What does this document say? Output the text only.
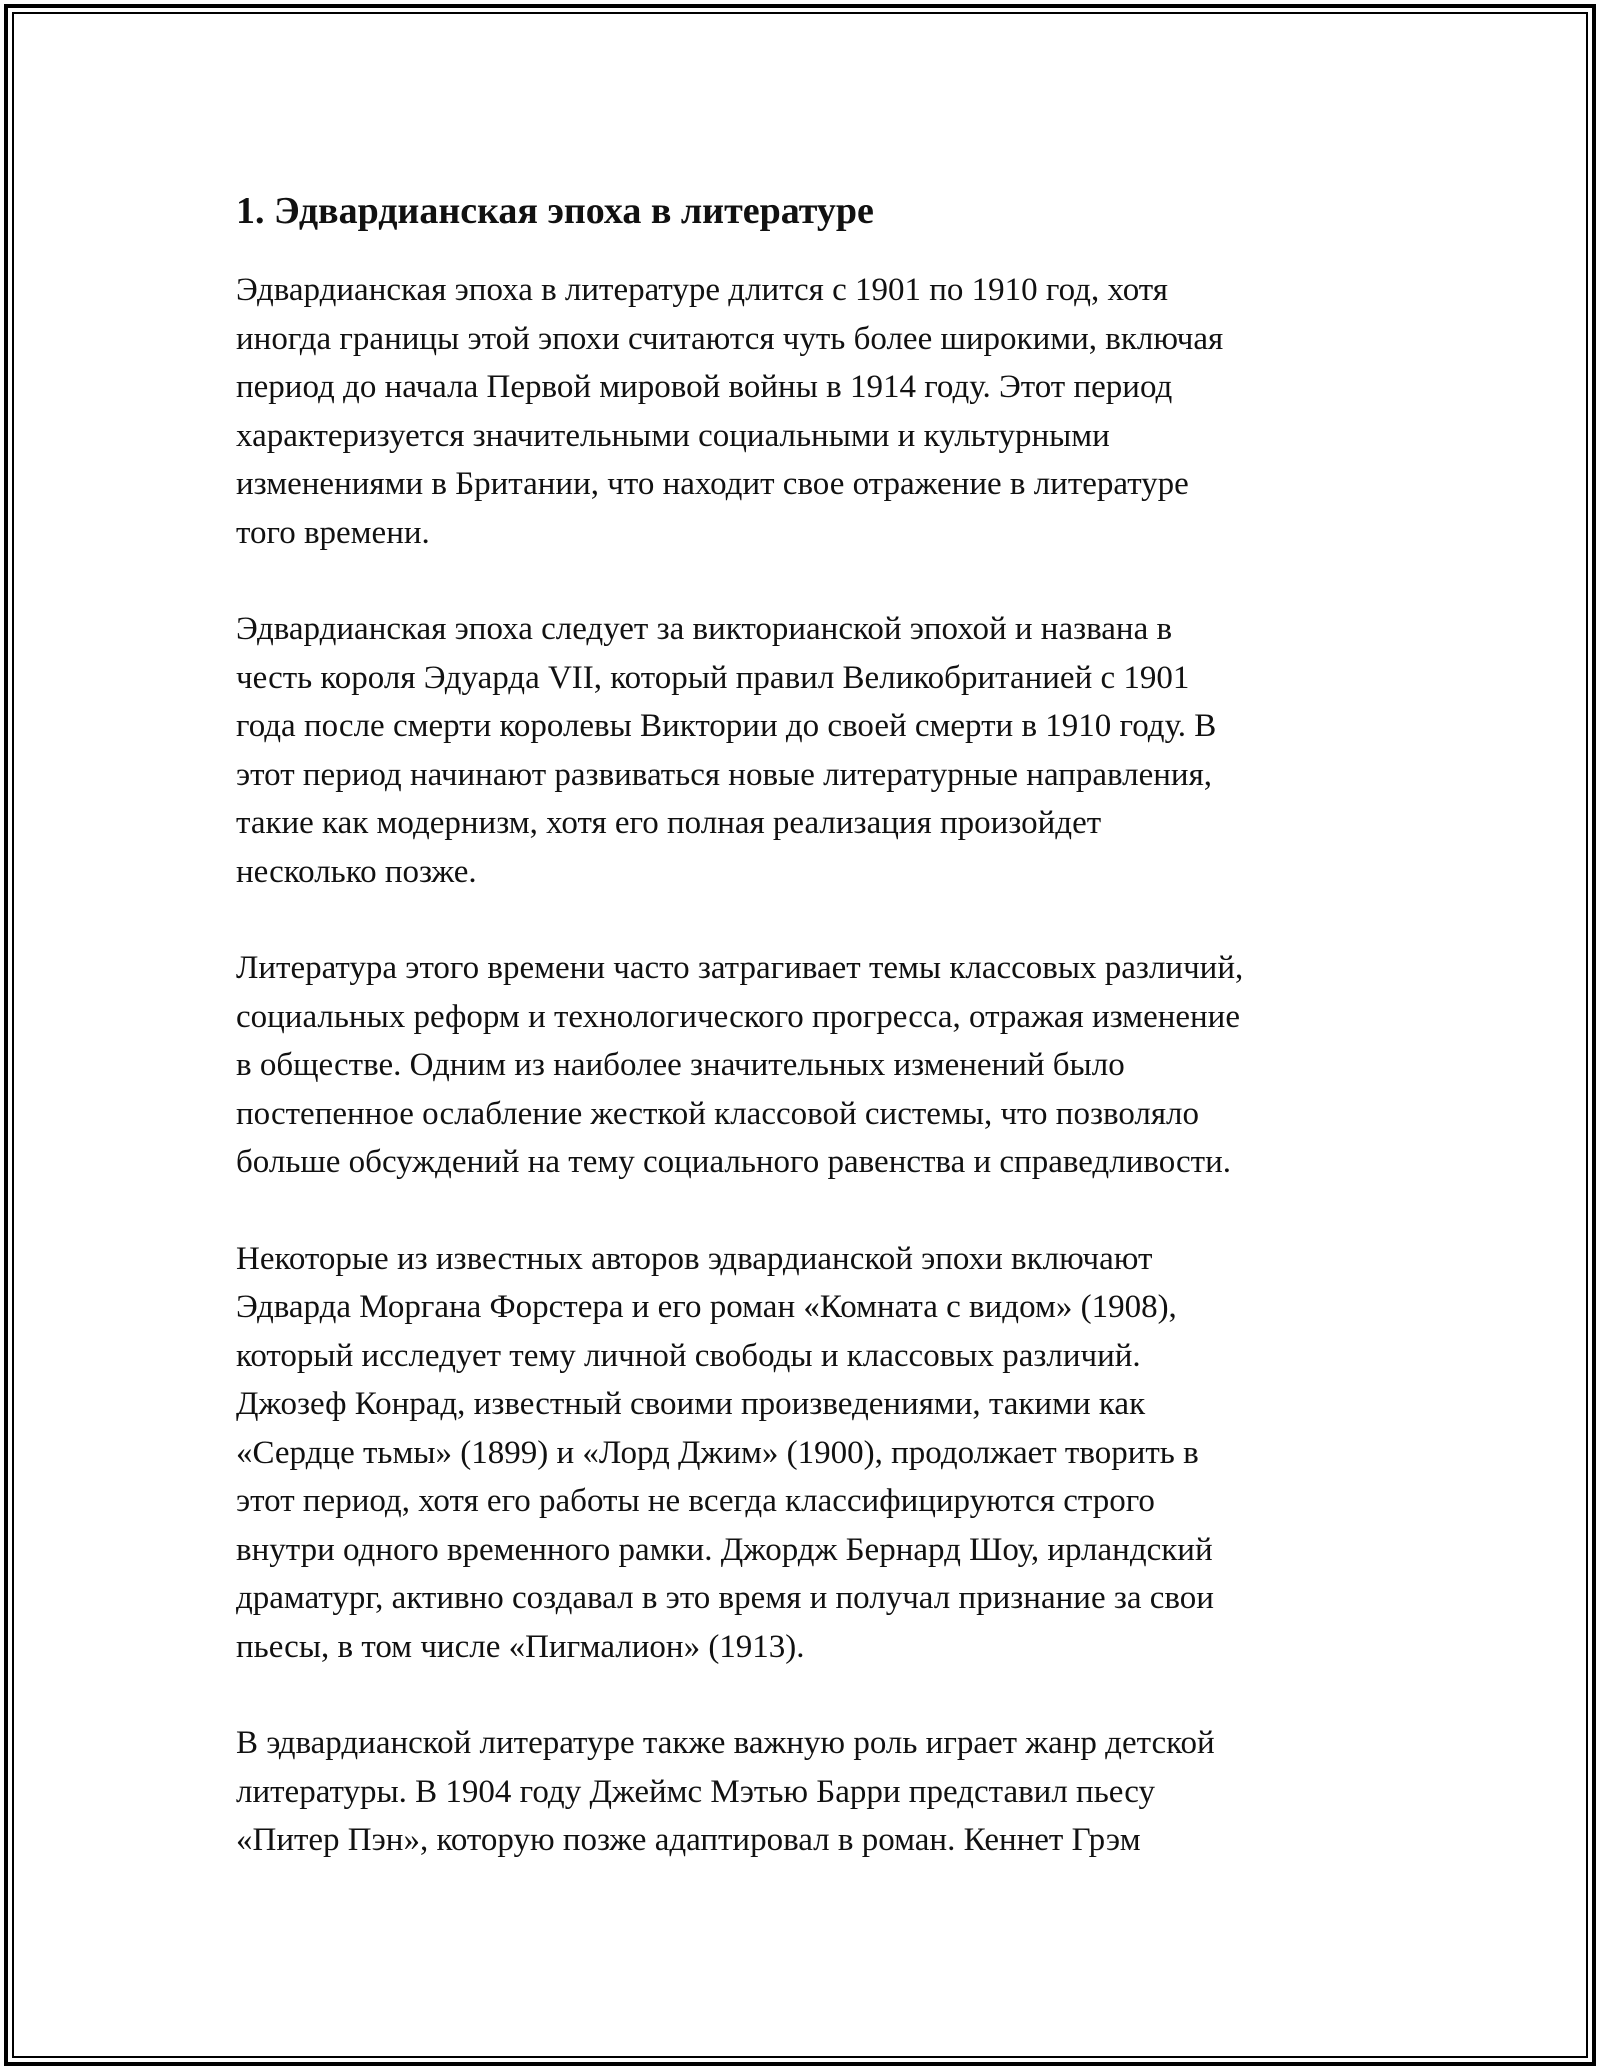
1. Эдвардианская эпоха в литературе

Эдвардианская эпоха в литературе длится с 1901 по 1910 год, хотя
иногда границы этой эпохи считаются чуть более широкими, включая
период до начала Первой мировой войны в 1914 году. Этот период
характеризуется значительными социальными и культурными
изменениями в Британии, что находит свое отражение в литературе
того времени.

Эдвардианская эпоха следует за викторианской эпохой и названа в
честь короля Эдуарда VII, который правил Великобританией с 1901
года после смерти королевы Виктории до своей смерти в 1910 году. В
этот период начинают развиваться новые литературные направления,
такие как модернизм, хотя его полная реализация произойдет
несколько позже.

Литература этого времени часто затрагивает темы классовых различий,
социальных реформ и технологического прогресса, отражая изменение
в обществе. Одним из наиболее значительных изменений было
постепенное ослабление жесткой классовой системы, что позволяло
больше обсуждений на тему социального равенства и справедливости.

Некоторые из известных авторов эдвардианской эпохи включают
Эдварда Моргана Форстера и его роман «Комната с видом» (1908),
который исследует тему личной свободы и классовых различий.
Джозеф Конрад, известный своими произведениями, такими как
«Сердце тьмы» (1899) и «Лорд Джим» (1900), продолжает творить в
этот период, хотя его работы не всегда классифицируются строго
внутри одного временного рамки. Джордж Бернард Шоу, ирландский
драматург, активно создавал в это время и получал признание за свои
пьесы, в том числе «Пигмалион» (1913).

В эдвардианской литературе также важную роль играет жанр детской
литературы. В 1904 году Джеймс Мэтью Барри представил пьесу
«Питер Пэн», которую позже адаптировал в роман. Кеннет Грэм
